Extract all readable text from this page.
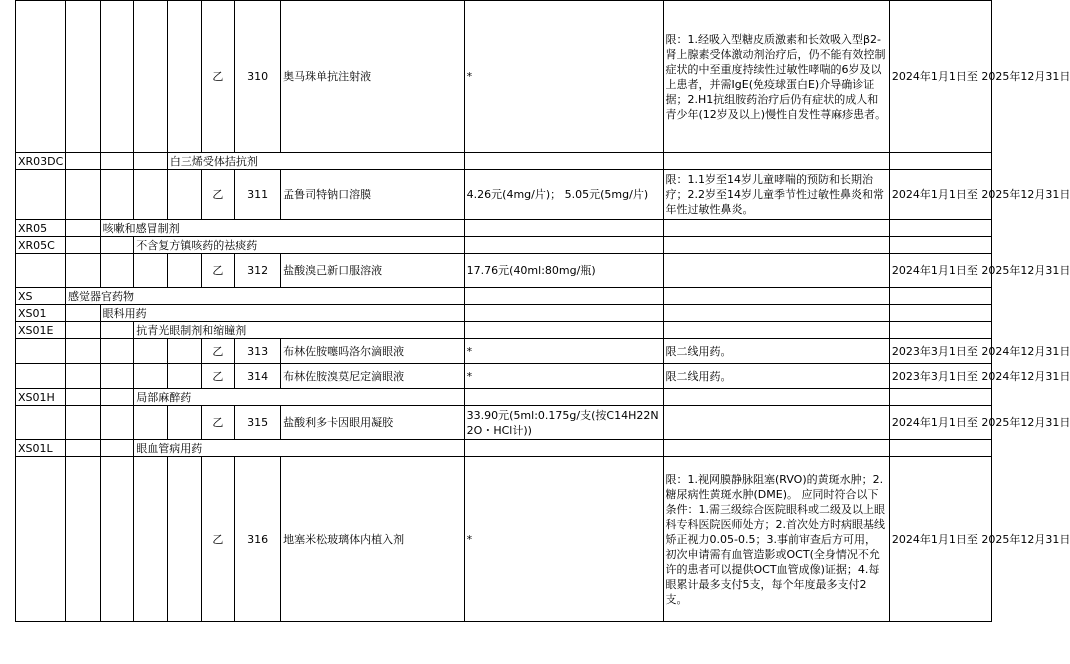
					乙	310	奥马珠单抗注射液	*	限：1.经吸入型糖皮质激素和长效吸入型β2-肾上腺素受体激动剂治疗后，仍不能有效控制症状的中至重度持续性过敏性哮喘的6岁及以上患者，并需IgE(免疫球蛋白E)介导确诊证据；2.H1抗组胺药治疗后仍有症状的成人和青少年(12岁及以上)慢性自发性荨麻疹患者。	2024年1月1日至 2025年12月31日
XR03DC				白三烯受体拮抗剂						
					乙	311	孟鲁司特钠口溶膜	4.26元(4mg/片)； 5.05元(5mg/片)	限：1.1岁至14岁儿童哮喘的预防和长期治疗；2.2岁至14岁儿童季节性过敏性鼻炎和常年性过敏性鼻炎。	2024年1月1日至 2025年12月31日
XR05		咳嗽和感冒制剂								
XR05C			不含复方镇咳药的祛痰药							
					乙	312	盐酸溴己新口服溶液	17.76元(40ml:80mg/瓶)		2024年1月1日至 2025年12月31日
XS	感觉器官药物									
XS01		眼科用药								
XS01E			抗青光眼制剂和缩瞳剂							
					乙	313	布林佐胺噻吗洛尔滴眼液	*	限二线用药。	2023年3月1日至 2024年12月31日
					乙	314	布林佐胺溴莫尼定滴眼液	*	限二线用药。	2023年3月1日至 2024年12月31日
XS01H			局部麻醉药							
					乙	315	盐酸利多卡因眼用凝胶	33.90元(5ml:0.175g/支(按C14H22N2O・HCl计))		2024年1月1日至 2025年12月31日
XS01L			眼血管病用药							
					乙	316	地塞米松玻璃体内植入剂	*	限：1.视网膜静脉阻塞(RVO)的黄斑水肿；2.糖尿病性黄斑水肿(DME)。 应同时符合以下条件：1.需三级综合医院眼科或二级及以上眼科专科医院医师处方；2.首次处方时病眼基线矫正视力0.05-0.5；3.事前审查后方可用，初次申请需有血管造影或OCT(全身情况不允许的患者可以提供OCT血管成像)证据；4.每眼累计最多支付5支，每个年度最多支付2支。	2024年1月1日至 2025年12月31日
